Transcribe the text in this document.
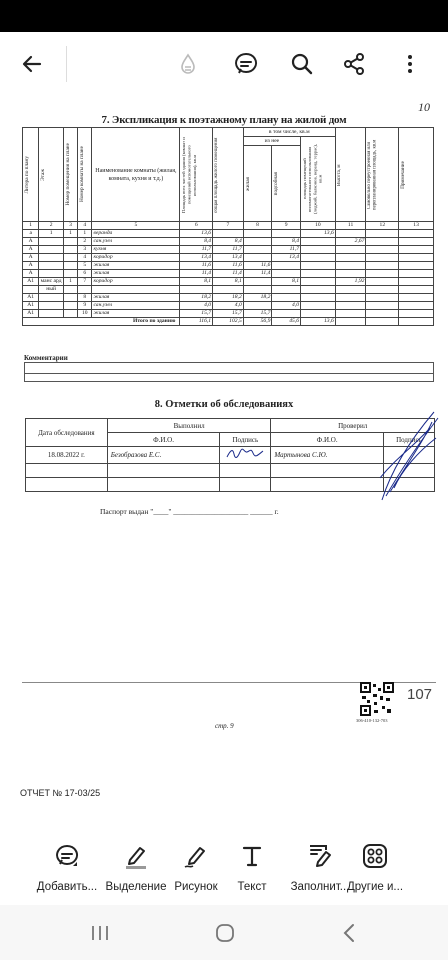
10
7. Экспликация к поэтажному плану на жилой дом
Литера по плану	Этаж	Номер помещения на плане	Номер комнаты на плане	Наименование комнаты (жилая, комната, кухня и т.д.)	Площадь всех частей здания (комнат и помещений вспомогательного использования), кв.м	общая площадь жилого помещения	в том числе, кв.м			Высота, м	Самовольно переустроенная или перепланированная площадь, кв.м	Примечание

							из нее		площадь помещений вспомогательного использования (лоджий, балконов, веранд, террас), кв.м			

							жилая	подсобная				

1	2	3	4	5	6	7	8	9	10	11	12	13
а	1	1	1	веранда	13,6				13,6			
А			2	сан.узел	8,4	8,4		8,4		2,67		
А			3	кухня	11,7	11,7		11,7				
А			4	коридор	13,4	13,4		13,4				
А			5	жилая	11,6	11,6	11,6					
А			6	жилая	11,4	11,4	11,4					
А1	манс ард	1	7	коридор	8,1	8,1		8,1		1,92		
	ный											
А1			8	жилая	18,2	18,2	18,2					
А1			9	сан.узел	4,0	4,0		4,0				
А1			10	жилая	15,7	15,7	15,7					
Итого по зданию					116,1	102,5	56,9	45,6	13,6			
Комментарии
8. Отметки об обследованиях
Дата обследования	Выполнил		Проверил	
	Ф.И.О.	Подпись	Ф.И.О.	Подпись
18.08.2022 г.	Безобразова Е.С.		Мартынова С.Ю.	

Паспорт выдан "____" ____________________ ______ г.
306-410-132-703
107
стр. 9
ОТЧЕТ № 17-03/25
Добавить... Выделение Рисунок	Текст	Заполнит...
Другие и...
